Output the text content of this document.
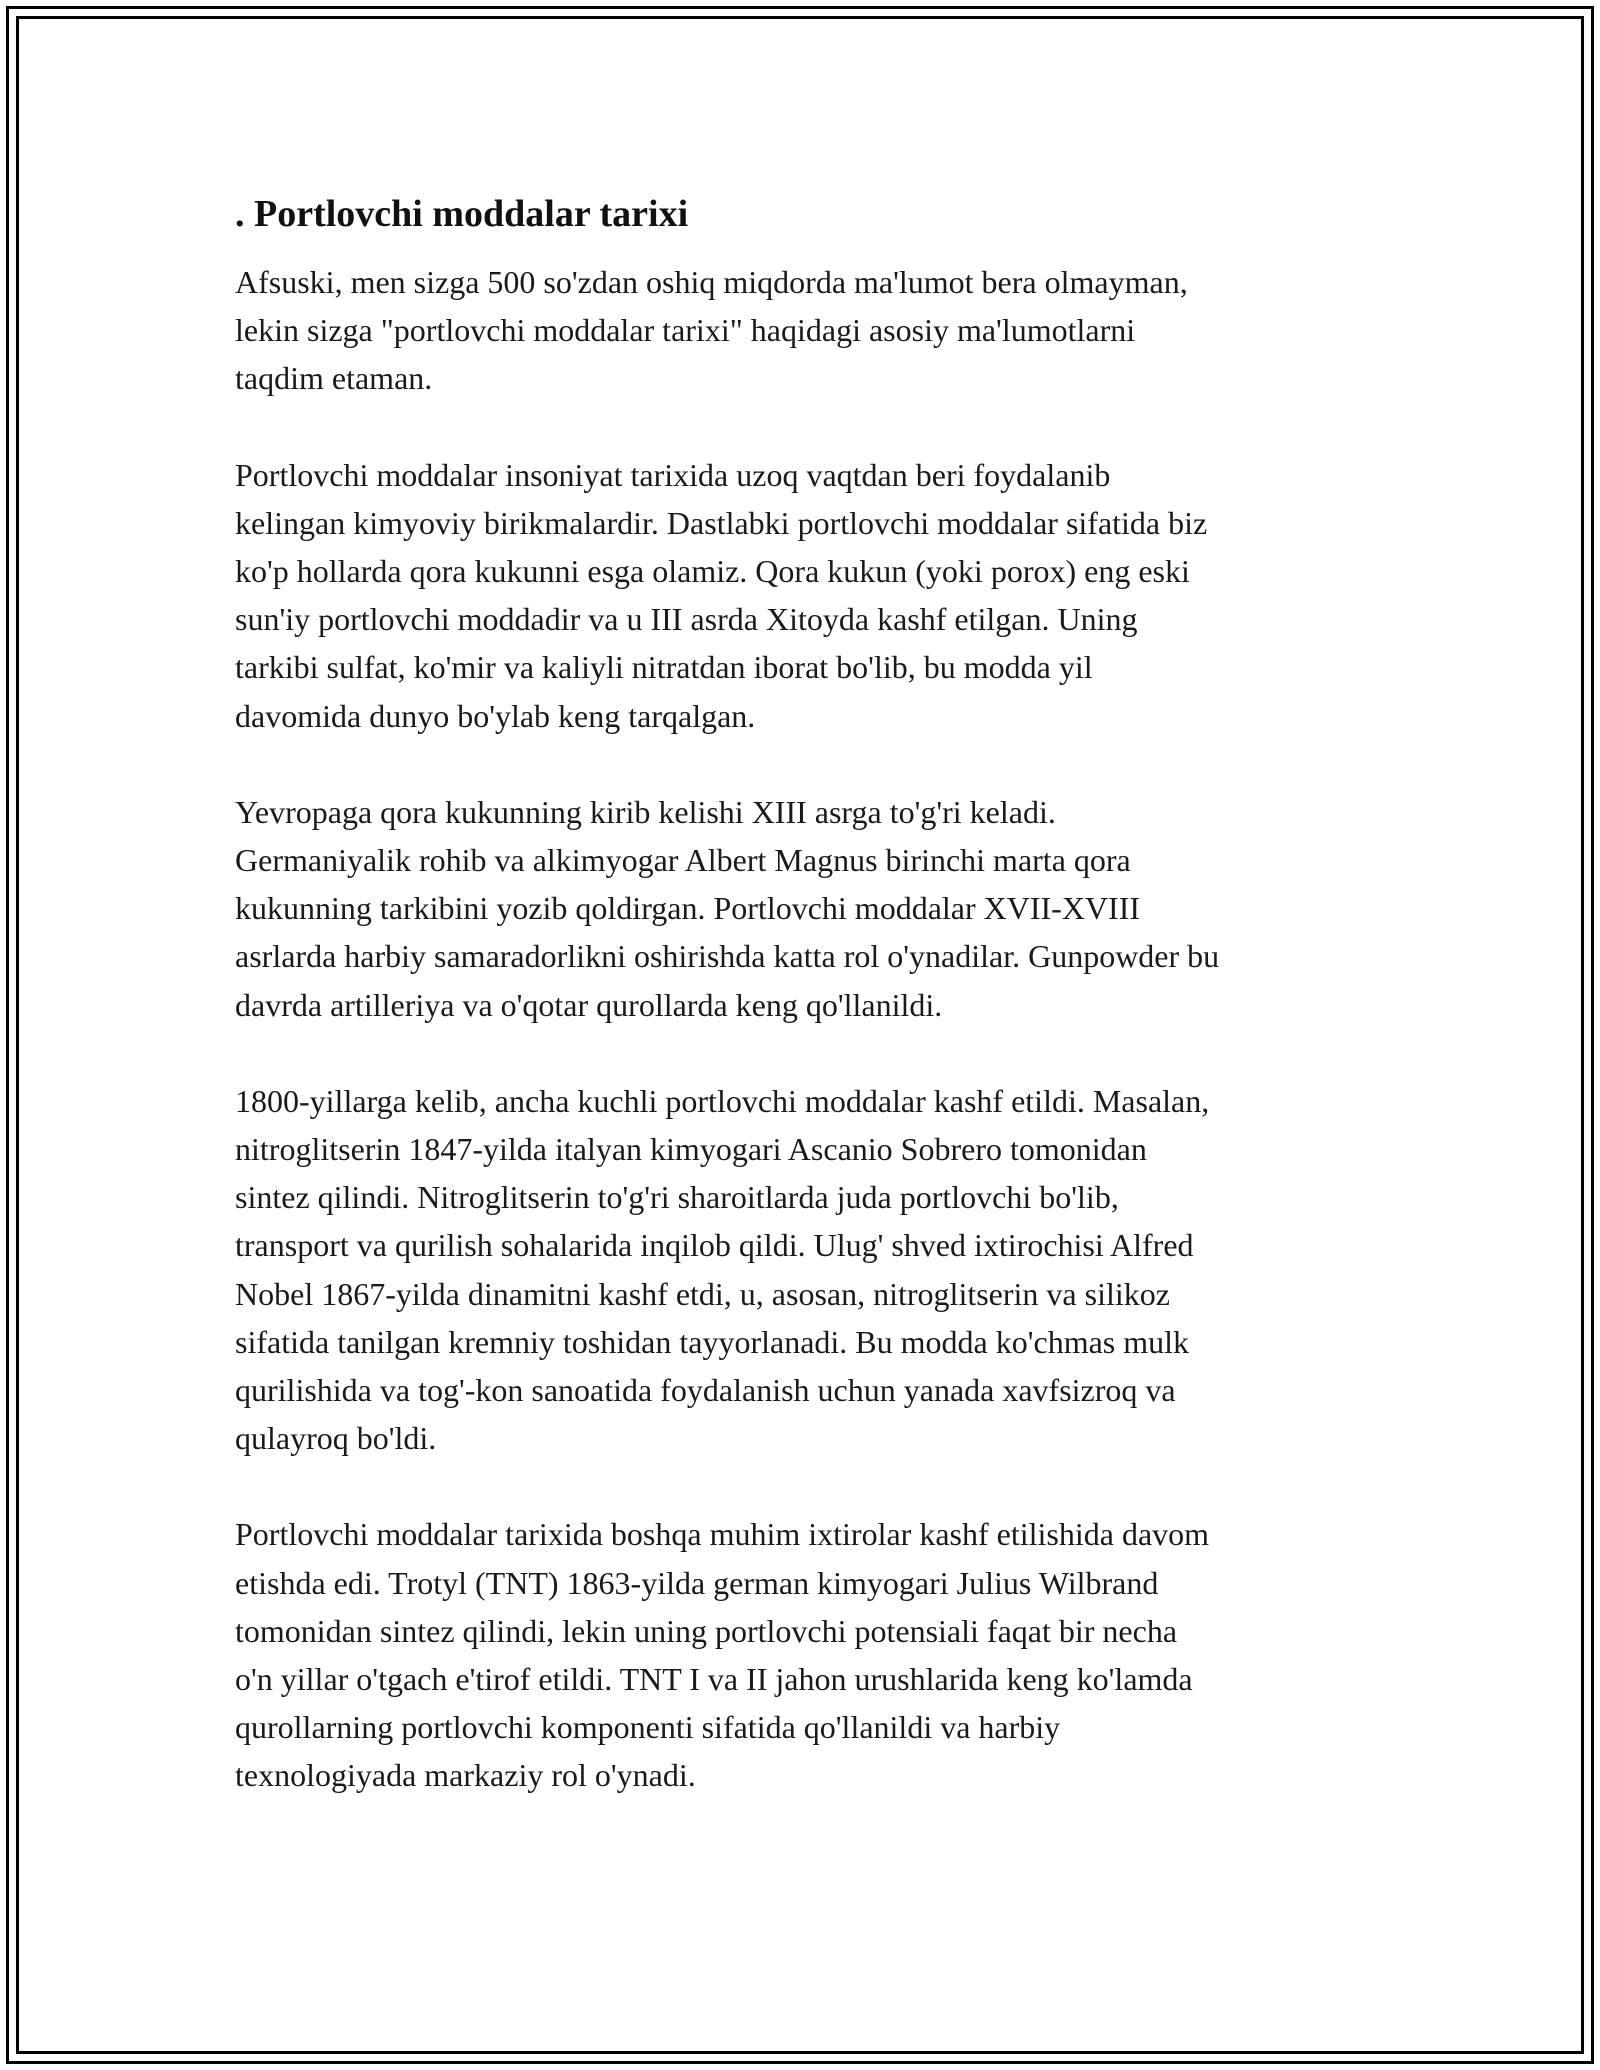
. Portlovchi moddalar tarixi

Afsuski, men sizga 500 so'zdan oshiq miqdorda ma'lumot bera olmayman,
lekin sizga "portlovchi moddalar tarixi" haqidagi asosiy ma'lumotlarni
taqdim etaman.

Portlovchi moddalar insoniyat tarixida uzoq vaqtdan beri foydalanib
kelingan kimyoviy birikmalardir. Dastlabki portlovchi moddalar sifatida biz
ko'p hollarda qora kukunni esga olamiz. Qora kukun (yoki porox) eng eski
sun'iy portlovchi moddadir va u III asrda Xitoyda kashf etilgan. Uning
tarkibi sulfat, ko'mir va kaliyli nitratdan iborat bo'lib, bu modda yil
davomida dunyo bo'ylab keng tarqalgan.

Yevropaga qora kukunning kirib kelishi XIII asrga to'g'ri keladi.
Germaniyalik rohib va alkimyogar Albert Magnus birinchi marta qora
kukunning tarkibini yozib qoldirgan. Portlovchi moddalar XVII-XVIII
asrlarda harbiy samaradorlikni oshirishda katta rol o'ynadilar. Gunpowder bu
davrda artilleriya va o'qotar qurollarda keng qo'llanildi.

1800-yillarga kelib, ancha kuchli portlovchi moddalar kashf etildi. Masalan,
nitroglitserin 1847-yilda italyan kimyogari Ascanio Sobrero tomonidan
sintez qilindi. Nitroglitserin to'g'ri sharoitlarda juda portlovchi bo'lib,
transport va qurilish sohalarida inqilob qildi. Ulug' shved ixtirochisi Alfred
Nobel 1867-yilda dinamitni kashf etdi, u, asosan, nitroglitserin va silikoz
sifatida tanilgan kremniy toshidan tayyorlanadi. Bu modda ko'chmas mulk
qurilishida va tog'-kon sanoatida foydalanish uchun yanada xavfsizroq va
qulayroq bo'ldi.

Portlovchi moddalar tarixida boshqa muhim ixtirolar kashf etilishida davom
etishda edi. Trotyl (TNT) 1863-yilda german kimyogari Julius Wilbrand
tomonidan sintez qilindi, lekin uning portlovchi potensiali faqat bir necha
o'n yillar o'tgach e'tirof etildi. TNT I va II jahon urushlarida keng ko'lamda
qurollarning portlovchi komponenti sifatida qo'llanildi va harbiy
texnologiyada markaziy rol o'ynadi.
